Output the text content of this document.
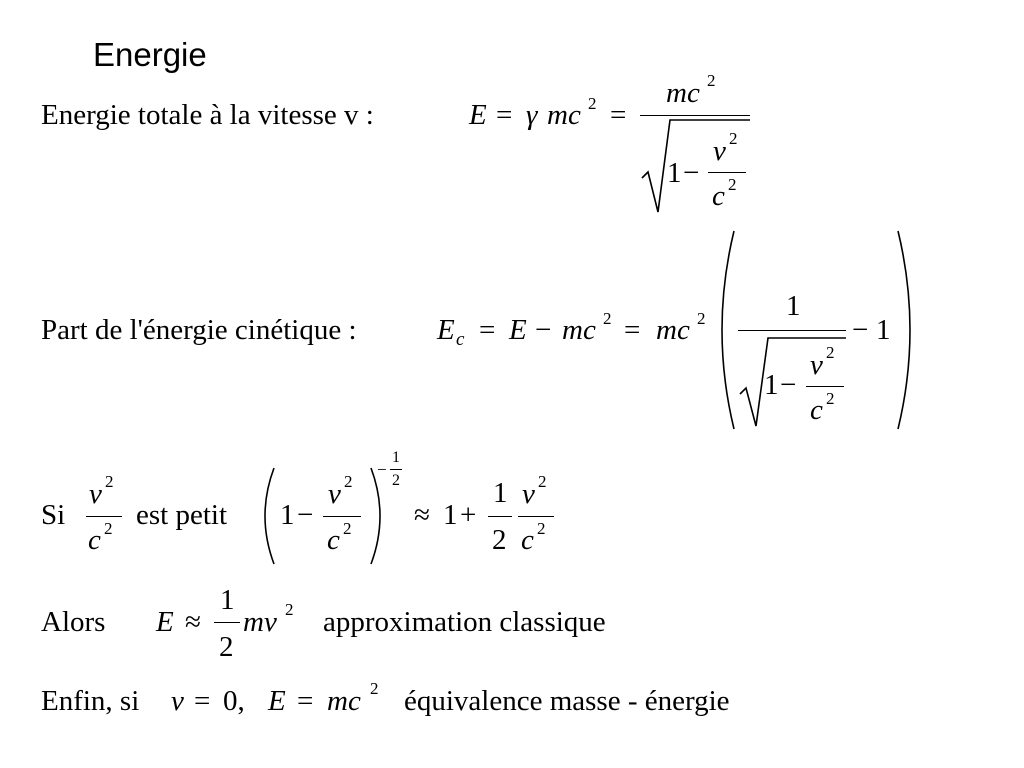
Energie
Energie totale à la vitesse v :	E = γ mc 2 =
mc 2
1 −
v 2
c 2
Part de l'énergie cinétique :	E c = E − mc 2 = mc 2	1
− 1
1 −
v 2
c 2
Si
v 2
c 2 est petit 1 −
v 2
c 2
−
1
2
≈ 1 +
1
2
v 2
c 2
Alors E ≈
1
2
mv 2 approximation classique
Enfin, si v = 0, E = mc 2 équivalence masse - énergie
